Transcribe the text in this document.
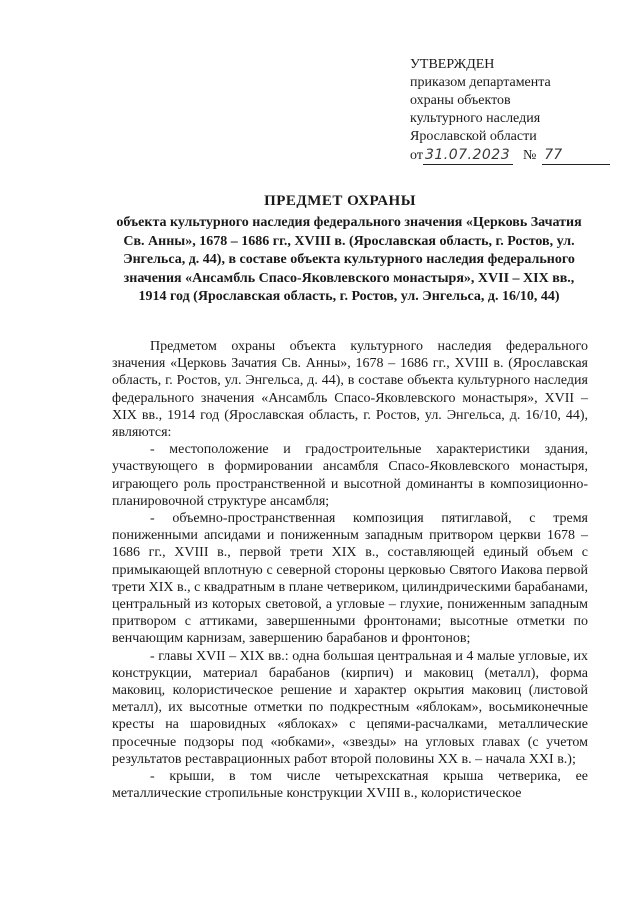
УТВЕРЖДЕН
приказом департамента
охраны объектов
культурного наследия
Ярославской области
от 31.07.2023 № 77
ПРЕДМЕТ ОХРАНЫ
объекта культурного наследия федерального значения «Церковь Зачатия Св. Анны», 1678 – 1686 гг., XVIII в. (Ярославская область, г. Ростов, ул. Энгельса, д. 44), в составе объекта культурного наследия федерального значения «Ансамбль Спасо-Яковлевского монастыря», XVII – XIX вв., 1914 год (Ярославская область, г. Ростов, ул. Энгельса, д. 16/10, 44)

Предметом охраны объекта культурного наследия федерального значения «Церковь Зачатия Св. Анны», 1678 – 1686 гг., XVIII в. (Ярославская область, г. Ростов, ул. Энгельса, д. 44), в составе объекта культурного наследия федерального значения «Ансамбль Спасо-Яковлевского монастыря», XVII – XIX вв., 1914 год (Ярославская область, г. Ростов, ул. Энгельса, д. 16/10, 44), являются:

- местоположение и градостроительные характеристики здания, участвующего в формировании ансамбля Спасо-Яковлевского монастыря, играющего роль пространственной и высотной доминанты в композиционно-планировочной структуре ансамбля;

- объемно-пространственная композиция пятиглавой, с тремя пониженными апсидами и пониженным западным притвором церкви 1678 – 1686 гг., XVIII в., первой трети XIX в., составляющей единый объем с примыкающей вплотную с северной стороны церковью Святого Иакова первой трети XIX в., с квадратным в плане четвериком, цилиндрическими барабанами, центральный из которых световой, а угловые – глухие, пониженным западным притвором с аттиками, завершенными фронтонами; высотные отметки по венчающим карнизам, завершению барабанов и фронтонов;

- главы XVII – XIX вв.: одна большая центральная и 4 малые угловые, их конструкции, материал барабанов (кирпич) и маковиц (металл), форма маковиц, колористическое решение и характер окрытия маковиц (листовой металл), их высотные отметки по подкрестным «яблокам», восьмиконечные кресты на шаровидных «яблоках» с цепями-расчалками, металлические просечные подзоры под «юбками», «звезды» на угловых главах (с учетом результатов реставрационных работ второй половины XX в. – начала XXI в.);

- крыши, в том числе четырехскатная крыша четверика, ее металлические стропильные конструкции XVIII в., колористическое
